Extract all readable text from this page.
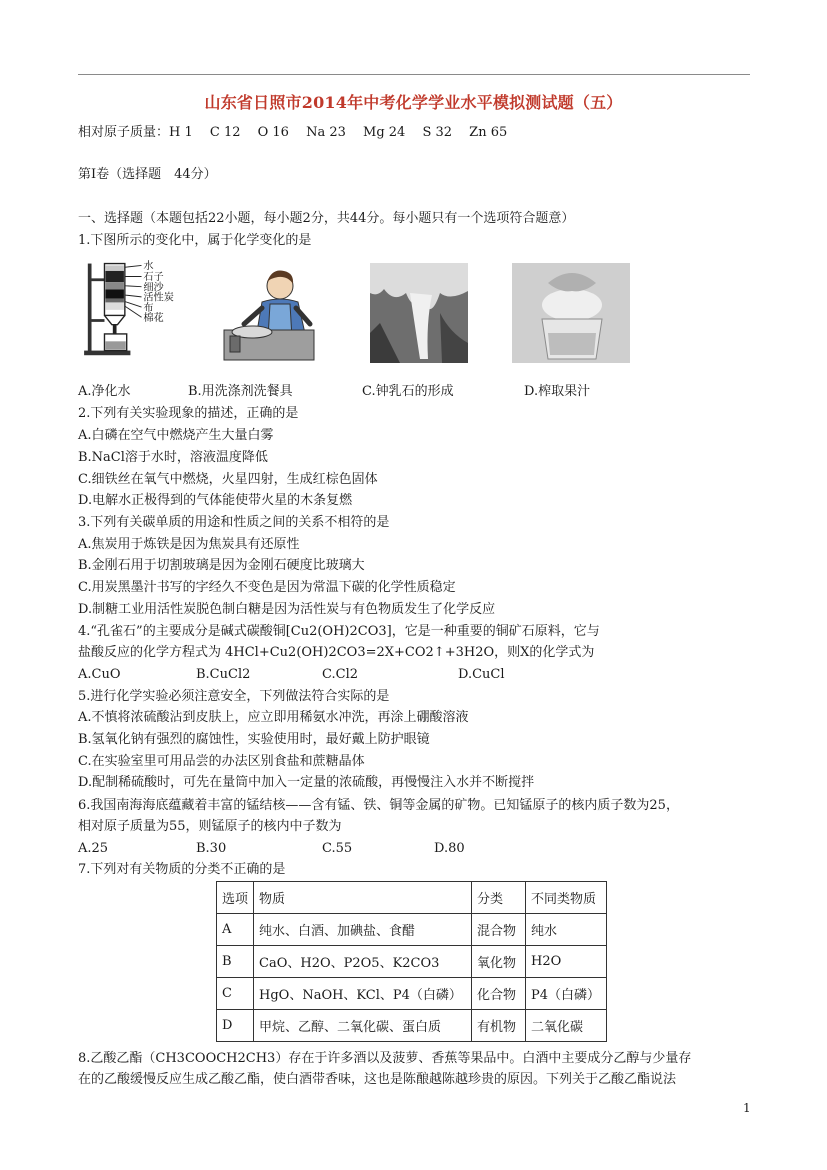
山东省日照市2014年中考化学学业水平模拟测试题（五）
相对原子质量：H 1 　C 12 　O 16 　Na 23 　Mg 24 　S 32 　Zn 65
第Ⅰ卷（选择题　44分）
一、选择题（本题包括22小题，每小题2分，共44分。每小题只有一个选项符合题意）
1.下图所示的变化中，属于化学变化的是
水
石子
细沙
活性炭
布
棉花
A.净化水	B.用洗涤剂洗餐具	C.钟乳石的形成	D.榨取果汁
2.下列有关实验现象的描述，正确的是
A.白磷在空气中燃烧产生大量白雾
B.NaCl溶于水时，溶液温度降低
C.细铁丝在氧气中燃烧，火星四射，生成红棕色固体
D.电解水正极得到的气体能使带火星的木条复燃
3.下列有关碳单质的用途和性质之间的关系不相符的是
A.焦炭用于炼铁是因为焦炭具有还原性
B.金刚石用于切割玻璃是因为金刚石硬度比玻璃大
C.用炭黑墨汁书写的字经久不变色是因为常温下碳的化学性质稳定
D.制糖工业用活性炭脱色制白糖是因为活性炭与有色物质发生了化学反应
4.“孔雀石”的主要成分是碱式碳酸铜[Cu2(OH)2CO3]，它是一种重要的铜矿石原料，它与
盐酸反应的化学方程式为 4HCl+Cu2(OH)2CO3=2X+CO2↑+3H2O，则X的化学式为
A.CuO	B.CuCl2	C.Cl2	D.CuCl
5.进行化学实验必须注意安全，下列做法符合实际的是
A.不慎将浓硫酸沾到皮肤上，应立即用稀氨水冲洗，再涂上硼酸溶液
B.氢氧化钠有强烈的腐蚀性，实验使用时，最好戴上防护眼镜
C.在实验室里可用品尝的办法区别食盐和蔗糖晶体
D.配制稀硫酸时，可先在量筒中加入一定量的浓硫酸，再慢慢注入水并不断搅拌
6.我国南海海底蕴藏着丰富的锰结核——含有锰、铁、铜等金属的矿物。已知锰原子的核内质子数为25，
相对原子质量为55，则锰原子的核内中子数为
A.25	B.30	C.55	D.80
7.下列对有关物质的分类不正确的是
选项	物质	分类	不同类物质
A	纯水、白酒、加碘盐、食醋	混合物	纯水
B	CaO、H2O、P2O5、K2CO3	氧化物	H2O
C	HgO、NaOH、KCl、P4（白磷）	化合物	P4（白磷）
D	甲烷、乙醇、二氧化碳、蛋白质	有机物	二氧化碳
8.乙酸乙酯（CH3COOCH2CH3）存在于许多酒以及菠萝、香蕉等果品中。白酒中主要成分乙醇与少量存
在的乙酸缓慢反应生成乙酸乙酯，使白酒带香味，这也是陈酿越陈越珍贵的原因。下列关于乙酸乙酯说法
1
